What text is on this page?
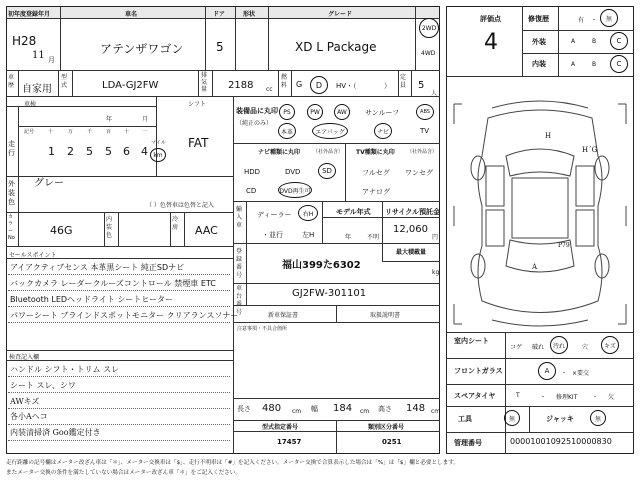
初年度登録年月	車名	ドア	形状	グレード
H28
11 月
アテンザワゴン	5	XD L Package
2WD
4WD
車歴 自家用
型式	LDA-GJ2FW
排気量 2188 cc
燃料 G D HV・（	）
定員 5
人
車検
年	月
シフト
FAT
走行
記号	十	万	千	百	十	一
1 2 5 5 6 4
マイル
km
外装色
グレー
（ ）色替車は色替と記入
カラーNo
46G
内装色
冷房 AAC
セールスポイント
アイアクティブセンス 本革黒シート 純正SDナビ
バックカメラ レーダークルーズコントロール 禁煙車 ETC
Bluetooth LEDヘッドライト シートヒーター
パワーシート ブラインドスポットモニター クリアランスソナー
検査記入欄
ハンドル シフト・トリム スレ
シート スレ、シワ
AWキズ
各小Aヘコ
内装清掃済 Goo鑑定付き
装備品に丸印
（純正のみ）
PS	PW	AW	サンルーフ	ABS
本革	エアバッグ	ナビ	TV
ナビ種類に丸印	（社外品含） TV種類に丸印 （社外品含）
HDD	DVD	SD
CD	DVD再生可
フルセグ ワンセグ
アナログ
輸入車
ディーラー 右H
・並行	左H
モデル年式
年	不明
リサイクル預託金
12,060
円
登録番号
福山399た6302
最大積載量
kg
車台番号
GJ2FW-301101
新車保証書	取扱説明書
注意事項・不具合箇所
長さ 480 cm 幅 184 cm 高さ 148 cm
型式指定番号
17457
類別区分番号
0251
評価点
4
修復歴	有 ・ 無
外装	A	B	C
内装	A	B	C
H
H´G
P79
A
室内シート
コゲ 破れ 汚れ	穴	キズ
フロントガラス	A ・ ×要交
スペアタイヤ	T	・ 修理KIT ・ 欠
工具	無	ジャッキ	無
管理番号	00001001092510000830
走行距離の記号欄はメーター改ざん車は「＊」、メーター交換車は「$」、走行不明車は「#」を記入ください。メーター交換で合算表示した場合は「%」は「$」欄と必要とします。
またメーター交換の条件を満たしていない場合はメーター改ざん車「＊」をご記入ください。
